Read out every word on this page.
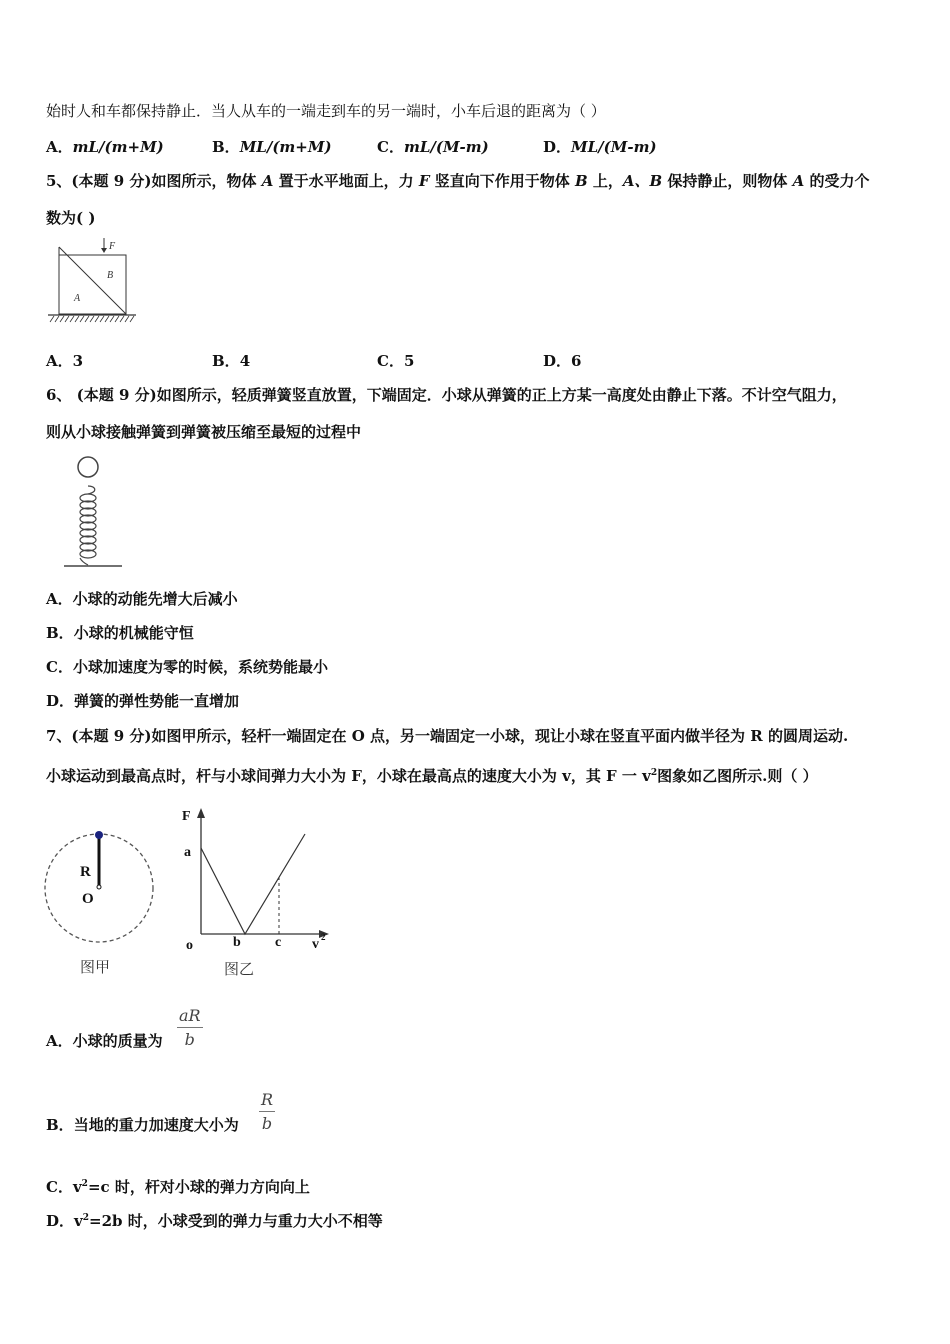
始时人和车都保持静止．当人从车的一端走到车的另一端时，小车后退的距离为（ ）
A．mL/(m+M)	B．ML/(m+M)	C．mL/(M-m)	D．ML/(M-m)
5、(本题 9 分)如图所示，物体 A 置于水平地面上，力 F 竖直向下作用于物体 B 上，A、B 保持静止，则物体 A 的受力个
数为( )
F
B
A
A．3	B．4	C．5	D．6
6、 (本题 9 分)如图所示，轻质弹簧竖直放置，下端固定．小球从弹簧的正上方某一高度处由静止下落。不计空气阻力，
则从小球接触弹簧到弹簧被压缩至最短的过程中
A．小球的动能先增大后减小
B．小球的机械能守恒
C．小球加速度为零的时候，系统势能最小
D．弹簧的弹性势能一直增加
7、(本题 9 分)如图甲所示，轻杆一端固定在 O 点，另一端固定一小球，现让小球在竖直平面内做半径为 R 的圆周运动.
小球运动到最高点时，杆与小球间弹力大小为 F，小球在最高点的速度大小为 v，其 F 一 $v^2$图象如乙图所示.则（ ）
R
O
图甲
F
a
o	b c v 2
图乙
A．小球的质量为 $\frac{aR}{b}$
B．当地的重力加速度大小为 $\frac{R}{b}$
C．$v^2=c$ 时，杆对小球的弹力方向向上
D．$v^2=2b$ 时，小球受到的弹力与重力大小不相等
